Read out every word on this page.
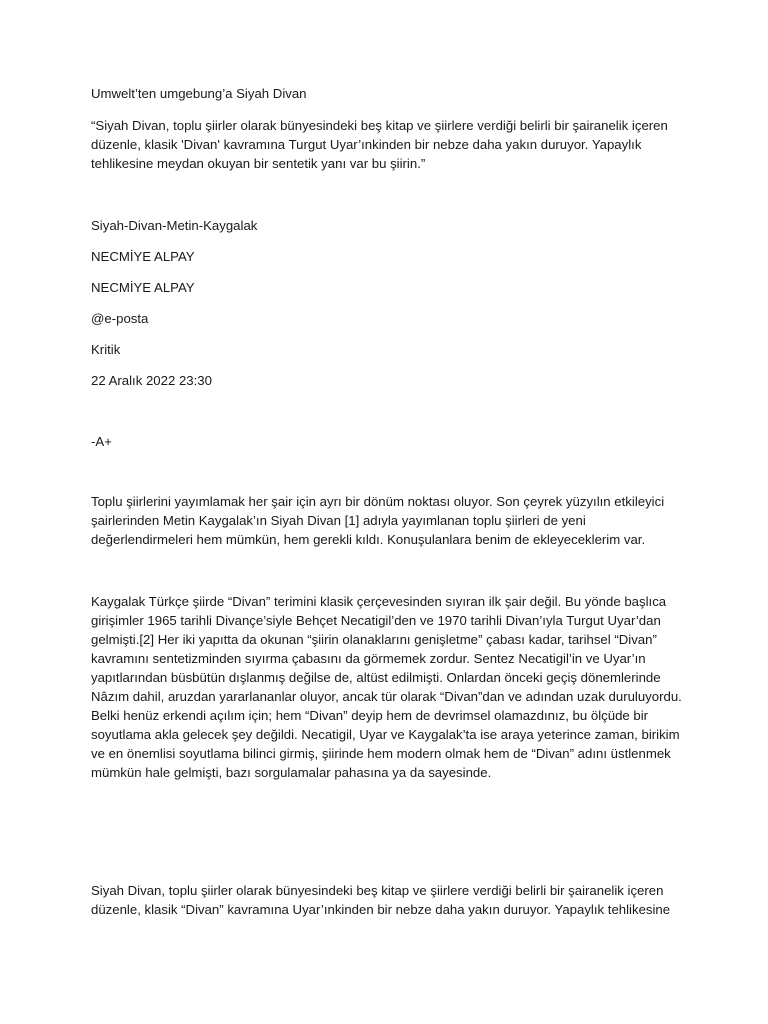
Umwelt’ten umgebung’a Siyah Divan

“Siyah Divan, toplu şiirler olarak bünyesindeki beş kitap ve şiirlere verdiği belirli bir şairanelik içeren düzenle, klasik 'Divan' kavramına Turgut Uyar’ınkinden bir nebze daha yakın duruyor. Yapaylık tehlikesine meydan okuyan bir sentetik yanı var bu şiirin.”

Siyah-Divan-Metin-Kaygalak

NECMİYE ALPAY

NECMİYE ALPAY

@e-posta

Kritik

22 Aralık 2022 23:30

-A+

Toplu şiirlerini yayımlamak her şair için ayrı bir dönüm noktası oluyor. Son çeyrek yüzyılın etkileyici şairlerinden Metin Kaygalak’ın Siyah Divan [1] adıyla yayımlanan toplu şiirleri de yeni değerlendirmeleri hem mümkün, hem gerekli kıldı. Konuşulanlara benim de ekleyeceklerim var.

Kaygalak Türkçe şiirde “Divan” terimini klasik çerçevesinden sıyıran ilk şair değil. Bu yönde başlıca girişimler 1965 tarihli Divançe’siyle Behçet Necatigil’den ve 1970 tarihli Divan’ıyla Turgut Uyar’dan gelmişti.[2] Her iki yapıtta da okunan “şiirin olanaklarını genişletme” çabası kadar, tarihsel “Divan” kavramını sentetizminden sıyırma çabasını da görmemek zordur. Sentez Necatigil’in ve Uyar’ın yapıtlarından büsbütün dışlanmış değilse de, altüst edilmişti. Onlardan önceki geçiş dönemlerinde Nâzım dahil, aruzdan yararlananlar oluyor, ancak tür olarak “Divan”dan ve adından uzak duruluyordu. Belki henüz erkendi açılım için; hem “Divan” deyip hem de devrimsel olamazdınız, bu ölçüde bir soyutlama akla gelecek şey değildi. Necatigil, Uyar ve Kaygalak’ta ise araya yeterince zaman, birikim ve en önemlisi soyutlama bilinci girmiş, şiirinde hem modern olmak hem de “Divan” adını üstlenmek mümkün hale gelmişti, bazı sorgulamalar pahasına ya da sayesinde.

Siyah Divan, toplu şiirler olarak bünyesindeki beş kitap ve şiirlere verdiği belirli bir şairanelik içeren düzenle, klasik “Divan” kavramına Uyar’ınkinden bir nebze daha yakın duruyor. Yapaylık tehlikesine
